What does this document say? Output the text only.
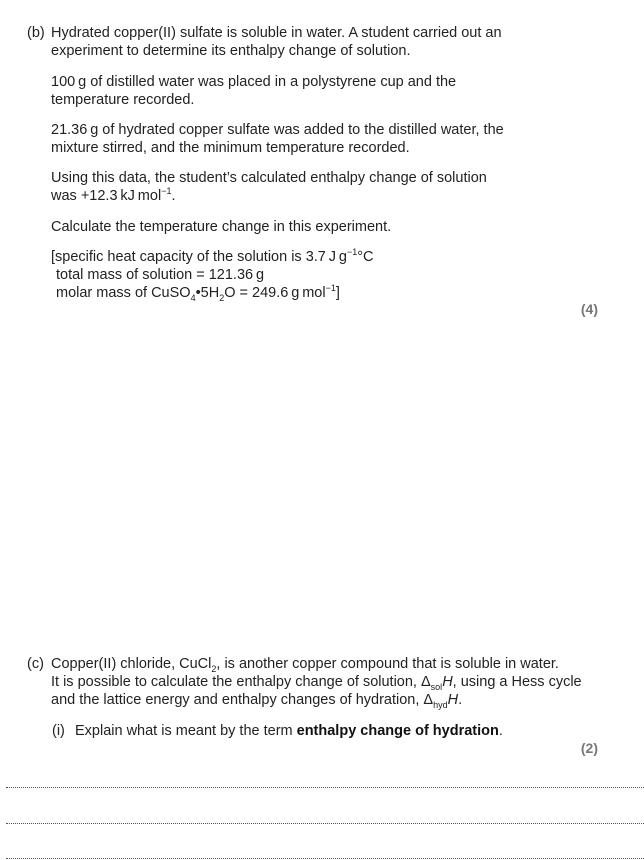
(b) Hydrated copper(II) sulfate is soluble in water. A student carried out an
experiment to determine its enthalpy change of solution.
100 g of distilled water was placed in a polystyrene cup and the
temperature recorded.
21.36 g of hydrated copper sulfate was added to the distilled water, the
mixture stirred, and the minimum temperature recorded.
Using this data, the student’s calculated enthalpy change of solution
was +12.3 kJ mol$^{-1}$.
Calculate the temperature change in this experiment.
[specific heat capacity of the solution is 3.7 J $g^{-1}^\circ C$
total mass of solution = 121.36 g
molar mass of $CuSO_4•5H_2O = 249.6$ g mol$^{-1}$]
(4)
(c) Copper(II) chloride, CuCl$_2$, is another copper compound that is soluble in water.
It is possible to calculate the enthalpy change of solution, $\Delta_{sol}H$, using a Hess cycle
and the lattice energy and enthalpy changes of hydration, $\Delta_{hyd}H$.
(i) Explain what is meant by the term enthalpy change of hydration.
(2)
